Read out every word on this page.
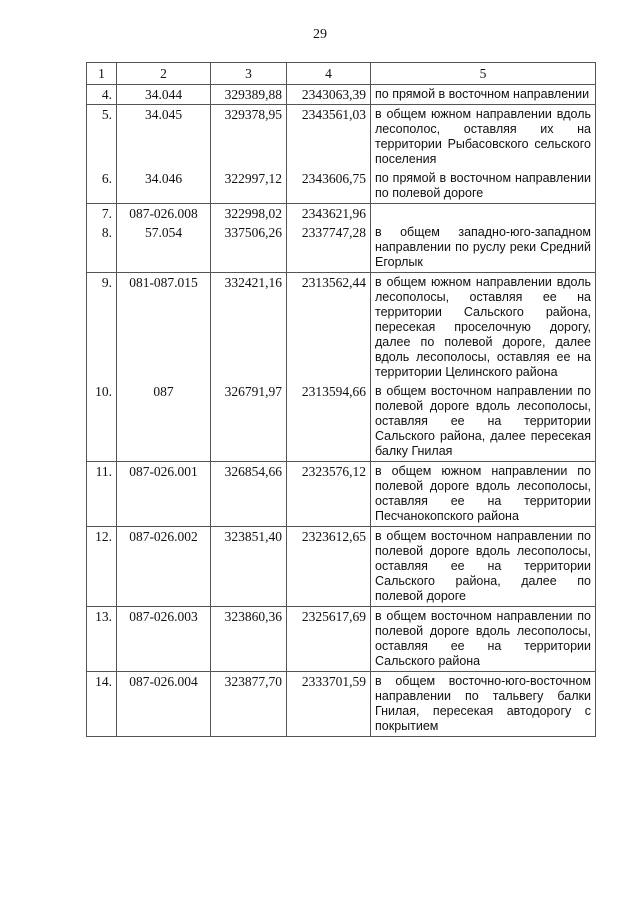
29
1	2	3	4	5
4.	34.044	329389,88	2343063,39	по прямой в восточном направлении
5.	34.045	329378,95	2343561,03	в общем южном направлении вдоль лесополос, оставляя их на территории Рыбасовского сельского поселения
6.	34.046	322997,12	2343606,75	по прямой в восточном направлении по полевой дороге
7.	087-026.008	322998,02	2343621,96	
8.	57.054	337506,26	2337747,28	в общем западно-юго-западном направлении по руслу реки Средний Егорлык
9.	081-087.015	332421,16	2313562,44	в общем южном направлении вдоль лесополосы, оставляя ее на территории Сальского района, пересекая проселочную дорогу, далее по полевой дороге, далее вдоль лесополосы, оставляя ее на территории Целинского района
10.	087	326791,97	2313594,66	в общем восточном направлении по полевой дороге вдоль лесополосы, оставляя ее на территории Сальского района, далее пересекая балку Гнилая
11.	087-026.001	326854,66	2323576,12	в общем южном направлении по полевой дороге вдоль лесополосы, оставляя ее на территории Песчанокопского района
12.	087-026.002	323851,40	2323612,65	в общем восточном направлении по полевой дороге вдоль лесополосы, оставляя ее на территории Сальского района, далее по полевой дороге
13.	087-026.003	323860,36	2325617,69	в общем восточном направлении по полевой дороге вдоль лесополосы, оставляя ее на территории Сальского района
14.	087-026.004	323877,70	2333701,59	в общем восточно-юго-восточном направлении по тальвегу балки Гнилая, пересекая автодорогу с покрытием
